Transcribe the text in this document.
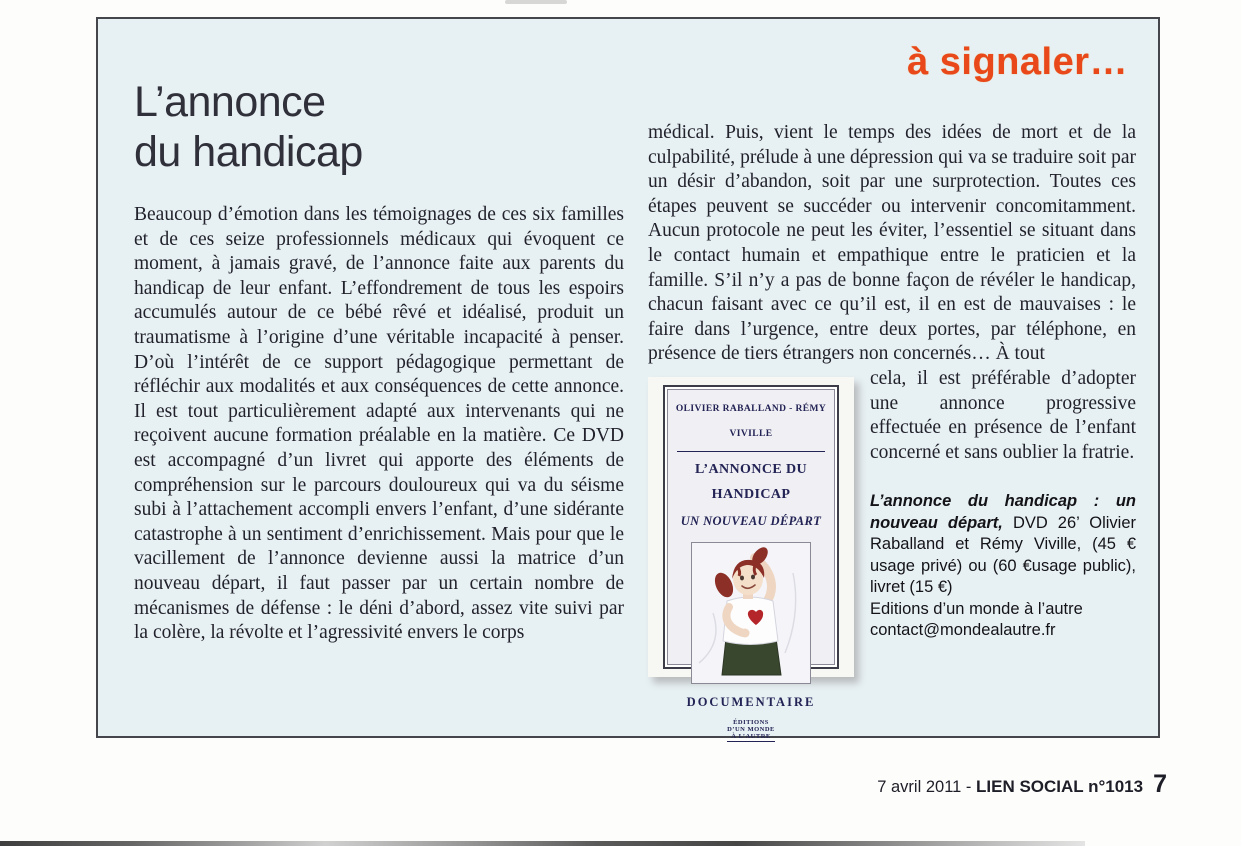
à signaler…
L’annonce
du handicap
Beaucoup d’émotion dans les témoignages de ces six familles et de ces seize professionnels médicaux qui évoquent ce moment, à jamais gravé, de l’annonce faite aux parents du handicap de leur enfant. L’effondrement de tous les espoirs accumulés autour de ce bébé rêvé et idéalisé, produit un traumatisme à l’origine d’une véritable incapacité à penser. D’où l’intérêt de ce support pédagogique permettant de réfléchir aux modalités et aux conséquences de cette annonce. Il est tout particulièrement adapté aux intervenants qui ne reçoivent aucune formation préalable en la matière. Ce DVD est accompagné d’un livret qui apporte des éléments de compréhension sur le parcours douloureux qui va du séisme subi à l’attachement accompli envers l’enfant, d’une sidérante catastrophe à un sentiment d’enrichissement. Mais pour que le vacillement de l’annonce devienne aussi la matrice d’un nouveau départ, il faut passer par un certain nombre de mécanismes de défense : le déni d’abord, assez vite suivi par la colère, la révolte et l’agressivité envers le corps

médical. Puis, vient le temps des idées de mort et de la culpabilité, prélude à une dépression qui va se traduire soit par un désir d’abandon, soit par une surprotection. Toutes ces étapes peuvent se succéder ou intervenir concomitamment. Aucun protocole ne peut les éviter, l’essentiel se situant dans le contact humain et empathique entre le praticien et la famille. S’il n’y a pas de bonne façon de révéler le handicap, chacun faisant avec ce qu’il est, il en est de mauvaises : le faire dans l’urgence, entre deux portes, par téléphone, en présence de tiers étrangers non concernés… À tout

OLIVIER RABALLAND - RÉMY VIVILLE
L’ANNONCE DU HANDICAP
UN NOUVEAU DÉPART
DOCUMENTAIRE
ÉDITIONS
D’UN MONDE
À L’AUTRE

cela, il est préférable d’adopter une annonce progressive effectuée en présence de l’enfant concerné et sans oublier la fratrie.

L’annonce du handicap : un nouveau départ, DVD 26’ Olivier Raballand et Rémy Viville, (45 € usage privé) ou (60 €usage public), livret (15 €)
Editions d’un monde à l’autre
contact@mondealautre.fr
7 avril 2011 - LIEN SOCIAL n°1013 7
